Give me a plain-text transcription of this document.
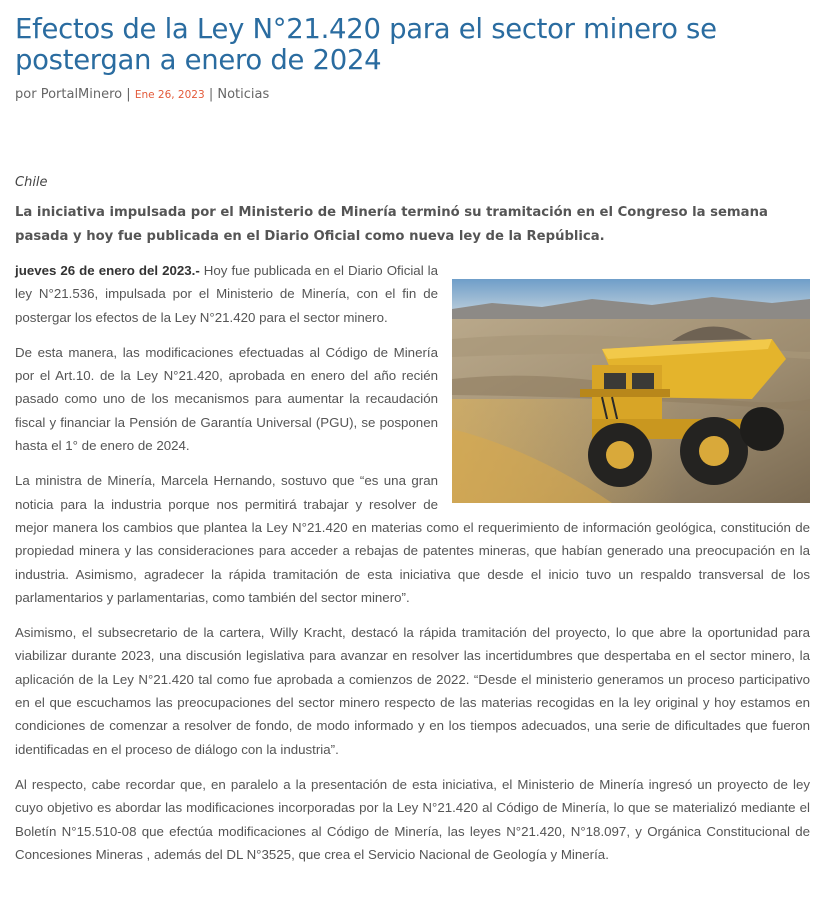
Efectos de la Ley N°21.420 para el sector minero se postergan a enero de 2024
por PortalMinero | Ene 26, 2023 | Noticias
Chile
La iniciativa impulsada por el Ministerio de Minería terminó su tramitación en el Congreso la semana pasada y hoy fue publicada en el Diario Oficial como nueva ley de la República.

jueves 26 de enero del 2023.- Hoy fue publicada en el Diario Oficial la ley N°21.536, impulsada por el Ministerio de Minería, con el fin de postergar los efectos de la Ley N°21.420 para el sector minero.

De esta manera, las modificaciones efectuadas al Código de Minería por el Art.10. de la Ley N°21.420, aprobada en enero del año recién pasado como uno de los mecanismos para aumentar la recaudación fiscal y financiar la Pensión de Garantía Universal (PGU), se posponen hasta el 1° de enero de 2024.

La ministra de Minería, Marcela Hernando, sostuvo que “es una gran noticia para la industria porque nos permitirá trabajar y resolver de mejor manera los cambios que plantea la Ley N°21.420 en materias como el requerimiento de información geológica, constitución de propiedad minera y las consideraciones para acceder a rebajas de patentes mineras, que habían generado una preocupación en la industria. Asimismo, agradecer la rápida tramitación de esta iniciativa que desde el inicio tuvo un respaldo transversal de los parlamentarios y parlamentarias, como también del sector minero”.

Asimismo, el subsecretario de la cartera, Willy Kracht, destacó la rápida tramitación del proyecto, lo que abre la oportunidad para viabilizar durante 2023, una discusión legislativa para avanzar en resolver las incertidumbres que despertaba en el sector minero, la aplicación de la Ley N°21.420 tal como fue aprobada a comienzos de 2022. “Desde el ministerio generamos un proceso participativo en el que escuchamos las preocupaciones del sector minero respecto de las materias recogidas en la ley original y hoy estamos en condiciones de comenzar a resolver de fondo, de modo informado y en los tiempos adecuados, una serie de dificultades que fueron identificadas en el proceso de diálogo con la industria”.

Al respecto, cabe recordar que, en paralelo a la presentación de esta iniciativa, el Ministerio de Minería ingresó un proyecto de ley cuyo objetivo es abordar las modificaciones incorporadas por la Ley N°21.420 al Código de Minería, lo que se materializó mediante el Boletín N°15.510-08 que efectúa modificaciones al Código de Minería, las leyes N°21.420, N°18.097, y Orgánica Constitucional de Concesiones Mineras , además del DL N°3525, que crea el Servicio Nacional de Geología y Minería.
